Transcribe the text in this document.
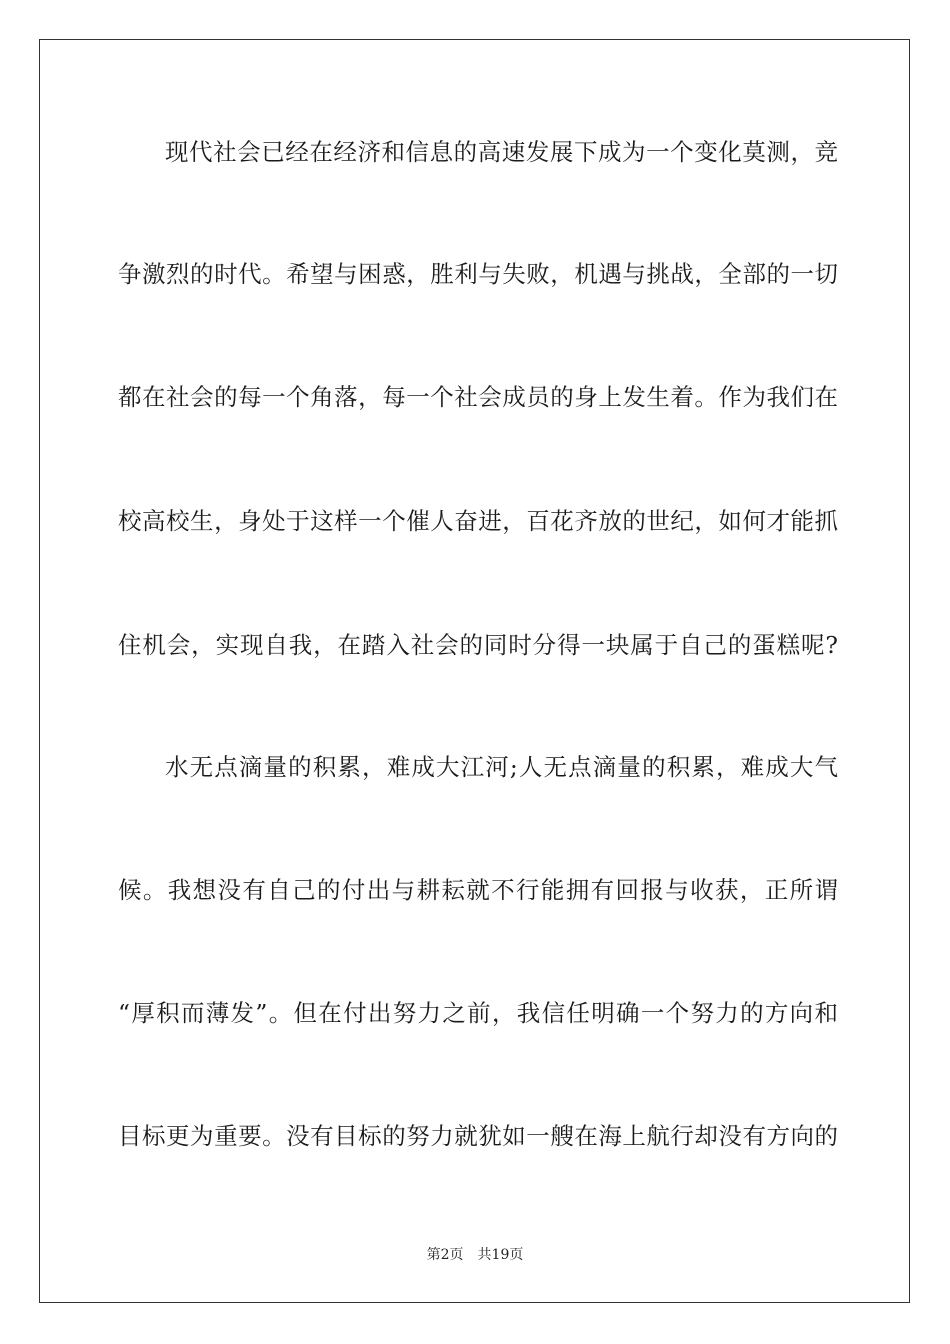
现代社会已经在经济和信息的高速发展下成为一个变化莫测，竞
争激烈的时代。希望与困惑，胜利与失败，机遇与挑战，全部的一切
都在社会的每一个角落，每一个社会成员的身上发生着。作为我们在
校高校生，身处于这样一个催人奋进，百花齐放的世纪，如何才能抓
住机会，实现自我，在踏入社会的同时分得一块属于自己的蛋糕呢?
水无点滴量的积累，难成大江河;人无点滴量的积累，难成大气
候。我想没有自己的付出与耕耘就不行能拥有回报与收获，正所谓
“厚积而薄发”。但在付出努力之前，我信任明确一个努力的方向和
目标更为重要。没有目标的努力就犹如一艘在海上航行却没有方向的
第2页 共19页
